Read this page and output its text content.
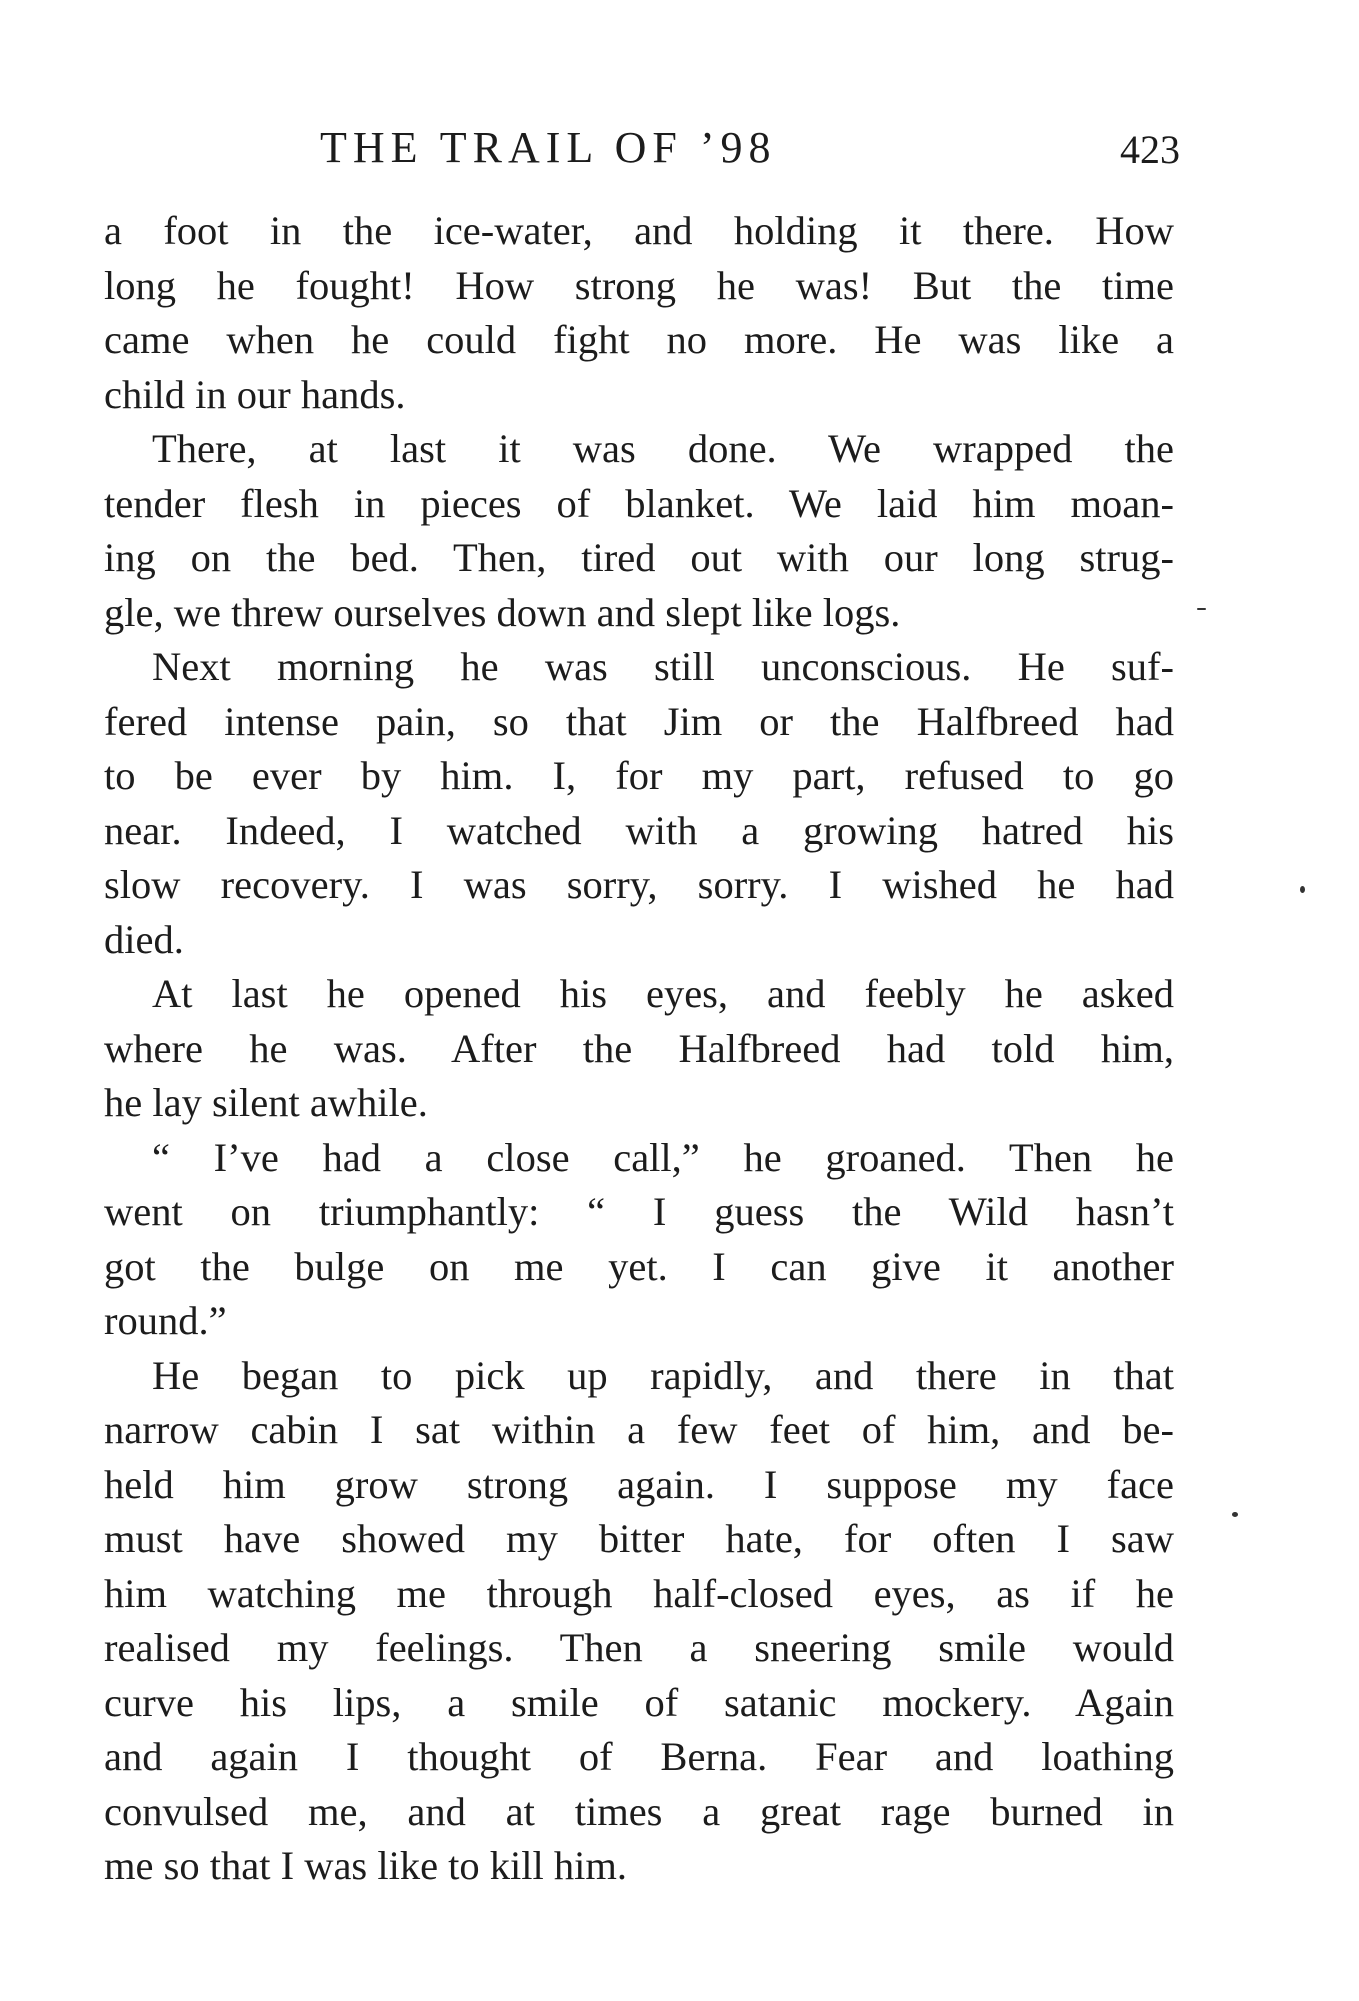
THE TRAIL OF ’98	423
a foot in the ice-water, and holding it there. How
long he fought! How strong he was! But the time
came when he could fight no more. He was like a
child in our hands.
There, at last it was done. We wrapped the
tender flesh in pieces of blanket. We laid him moan-
ing on the bed. Then, tired out with our long strug-
gle, we threw ourselves down and slept like logs.
Next morning he was still unconscious. He suf-
fered intense pain, so that Jim or the Halfbreed had
to be ever by him. I, for my part, refused to go
near. Indeed, I watched with a growing hatred his
slow recovery. I was sorry, sorry. I wished he had
died.
At last he opened his eyes, and feebly he asked
where he was. After the Halfbreed had told him,
he lay silent awhile.
“ I’ve had a close call,” he groaned. Then he
went on triumphantly: “ I guess the Wild hasn’t
got the bulge on me yet. I can give it another
round.”
He began to pick up rapidly, and there in that
narrow cabin I sat within a few feet of him, and be-
held him grow strong again. I suppose my face
must have showed my bitter hate, for often I saw
him watching me through half-closed eyes, as if he
realised my feelings. Then a sneering smile would
curve his lips, a smile of satanic mockery. Again
and again I thought of Berna. Fear and loathing
convulsed me, and at times a great rage burned in
me so that I was like to kill him.
